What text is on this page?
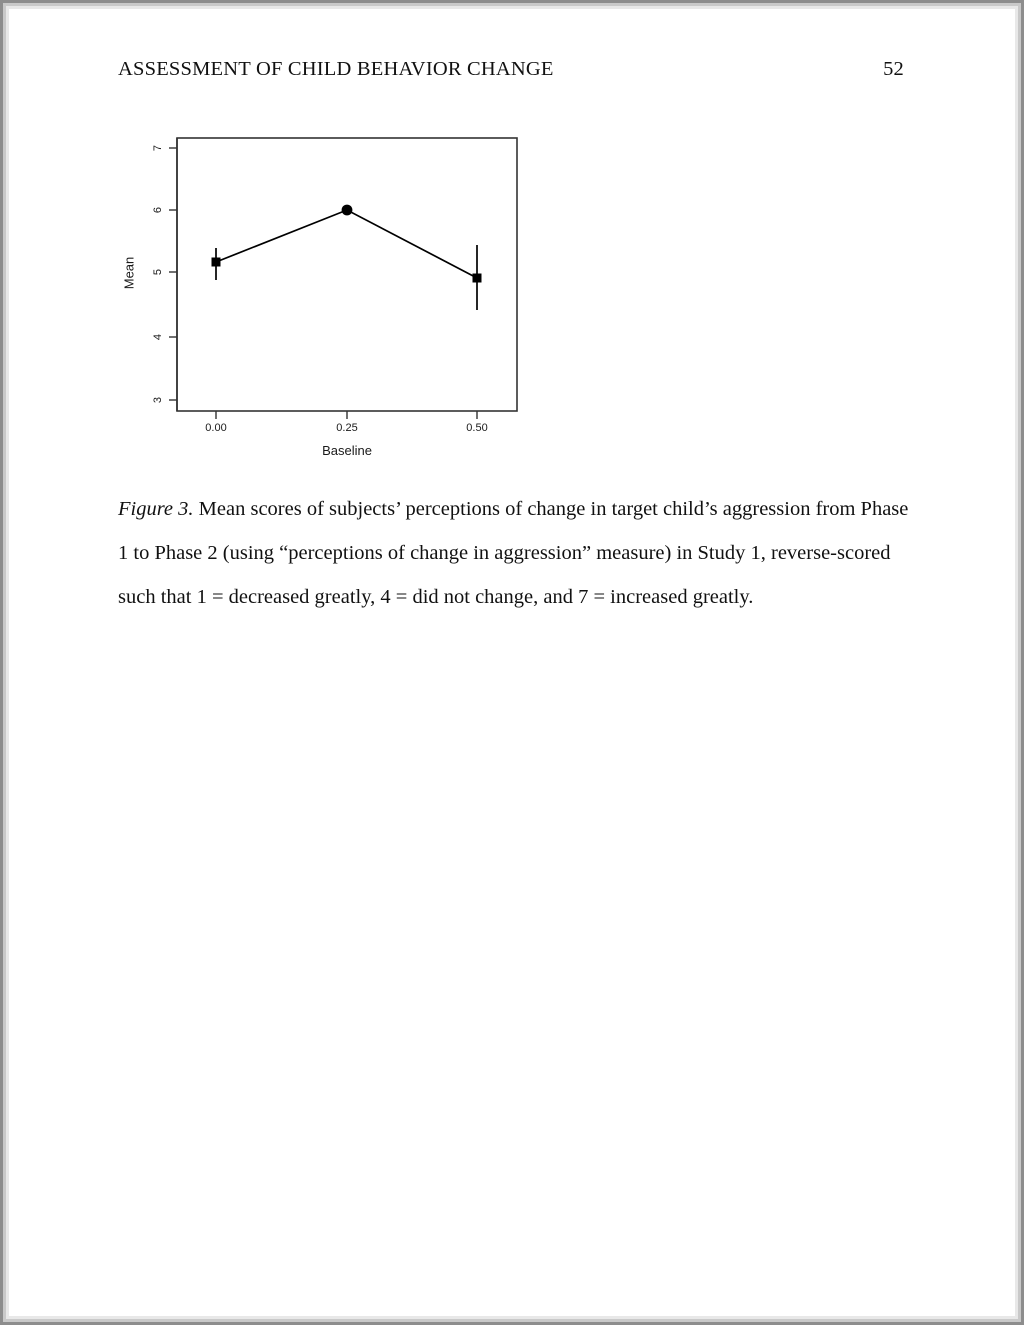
ASSESSMENT OF CHILD BEHAVIOR CHANGE	52
7
6
5
4
3
Mean
0.00	0.25	0.50
Baseline
Figure 3. Mean scores of subjects’ perceptions of change in target child’s aggression from Phase
1 to Phase 2 (using “perceptions of change in aggression” measure) in Study 1, reverse-scored
such that 1 = decreased greatly, 4 = did not change, and 7 = increased greatly.
